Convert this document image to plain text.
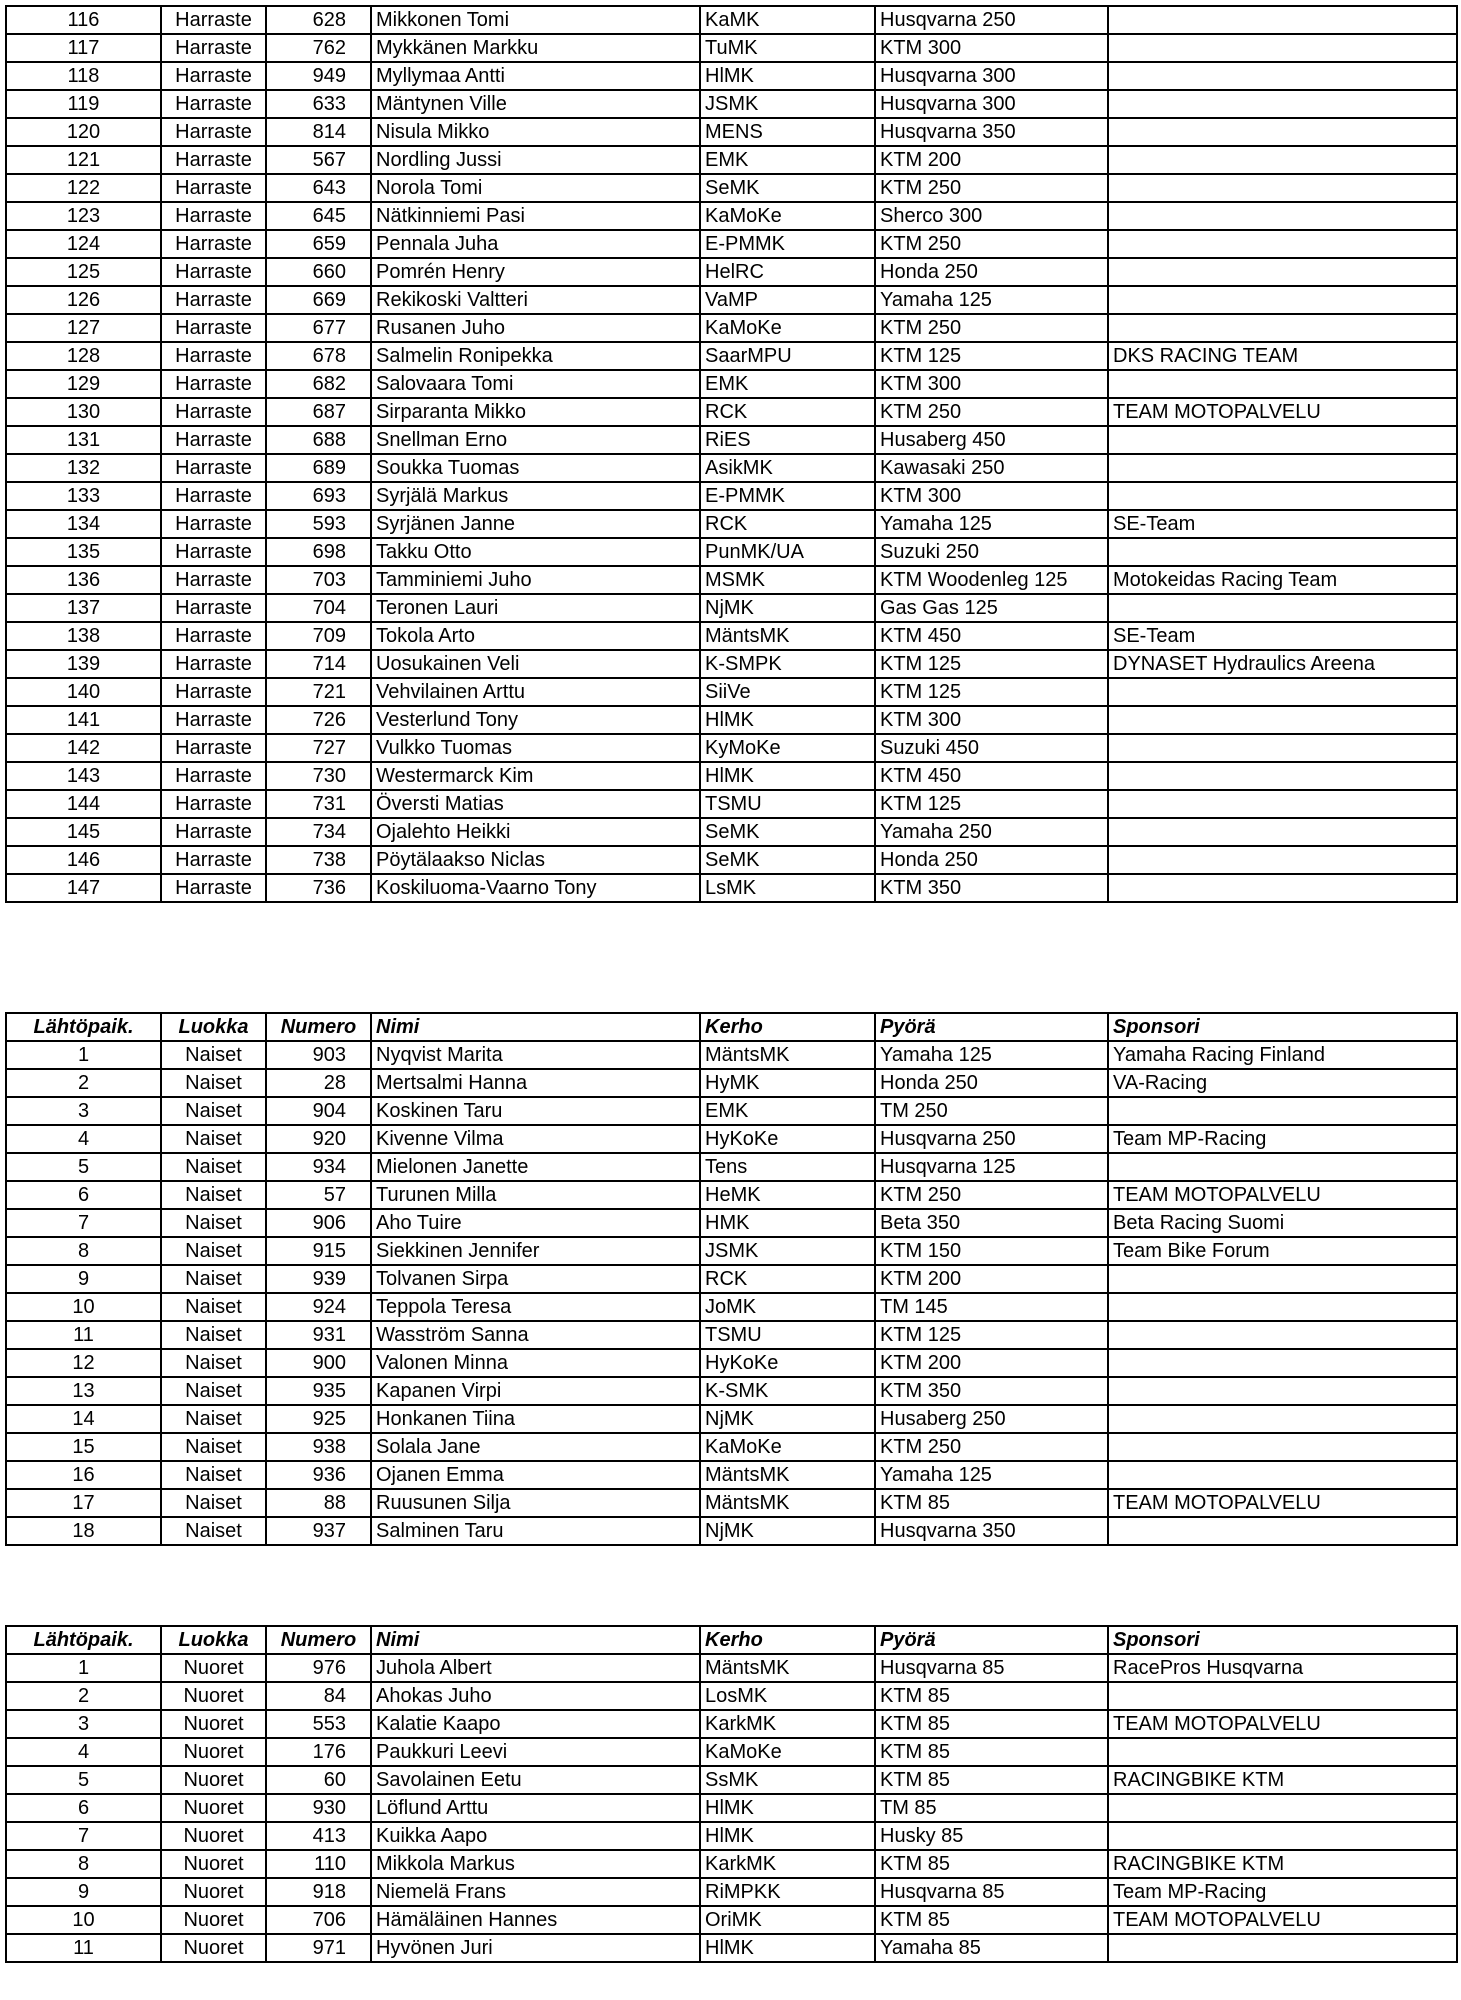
116	Harraste	628	Mikkonen Tomi	KaMK	Husqvarna 250	
117	Harraste	762	Mykkänen Markku	TuMK	KTM 300	
118	Harraste	949	Myllymaa Antti	HlMK	Husqvarna 300	
119	Harraste	633	Mäntynen Ville	JSMK	Husqvarna 300	
120	Harraste	814	Nisula Mikko	MENS	Husqvarna 350	
121	Harraste	567	Nordling Jussi	EMK	KTM 200	
122	Harraste	643	Norola Tomi	SeMK	KTM 250	
123	Harraste	645	Nätkinniemi Pasi	KaMoKe	Sherco 300	
124	Harraste	659	Pennala Juha	E-PMMK	KTM 250	
125	Harraste	660	Pomrén Henry	HelRC	Honda 250	
126	Harraste	669	Rekikoski Valtteri	VaMP	Yamaha 125	
127	Harraste	677	Rusanen Juho	KaMoKe	KTM 250	
128	Harraste	678	Salmelin Ronipekka	SaarMPU	KTM 125	DKS RACING TEAM
129	Harraste	682	Salovaara Tomi	EMK	KTM 300	
130	Harraste	687	Sirparanta Mikko	RCK	KTM 250	TEAM MOTOPALVELU
131	Harraste	688	Snellman Erno	RiES	Husaberg 450	
132	Harraste	689	Soukka Tuomas	AsikMK	Kawasaki 250	
133	Harraste	693	Syrjälä Markus	E-PMMK	KTM 300	
134	Harraste	593	Syrjänen Janne	RCK	Yamaha 125	SE-Team
135	Harraste	698	Takku Otto	PunMK/UA	Suzuki 250	
136	Harraste	703	Tamminiemi Juho	MSMK	KTM Woodenleg 125	Motokeidas Racing Team
137	Harraste	704	Teronen Lauri	NjMK	Gas Gas 125	
138	Harraste	709	Tokola Arto	MäntsMK	KTM 450	SE-Team
139	Harraste	714	Uosukainen Veli	K-SMPK	KTM 125	DYNASET Hydraulics Areena
140	Harraste	721	Vehvilainen Arttu	SiiVe	KTM 125	
141	Harraste	726	Vesterlund Tony	HlMK	KTM 300	
142	Harraste	727	Vulkko Tuomas	KyMoKe	Suzuki 450	
143	Harraste	730	Westermarck Kim	HlMK	KTM 450	
144	Harraste	731	Översti Matias	TSMU	KTM 125	
145	Harraste	734	Ojalehto Heikki	SeMK	Yamaha 250	
146	Harraste	738	Pöytälaakso Niclas	SeMK	Honda 250	
147	Harraste	736	Koskiluoma-Vaarno Tony	LsMK	KTM 350	
Lähtöpaik.	Luokka	Numero	Nimi	Kerho	Pyörä	Sponsori
1	Naiset	903	Nyqvist Marita	MäntsMK	Yamaha 125	Yamaha Racing Finland
2	Naiset	28	Mertsalmi Hanna	HyMK	Honda 250	VA-Racing
3	Naiset	904	Koskinen Taru	EMK	TM 250	
4	Naiset	920	Kivenne Vilma	HyKoKe	Husqvarna 250	Team MP-Racing
5	Naiset	934	Mielonen Janette	Tens	Husqvarna 125	
6	Naiset	57	Turunen Milla	HeMK	KTM 250	TEAM MOTOPALVELU
7	Naiset	906	Aho Tuire	HMK	Beta 350	Beta Racing Suomi
8	Naiset	915	Siekkinen Jennifer	JSMK	KTM 150	Team Bike Forum
9	Naiset	939	Tolvanen Sirpa	RCK	KTM 200	
10	Naiset	924	Teppola Teresa	JoMK	TM 145	
11	Naiset	931	Wasström Sanna	TSMU	KTM 125	
12	Naiset	900	Valonen Minna	HyKoKe	KTM 200	
13	Naiset	935	Kapanen Virpi	K-SMK	KTM 350	
14	Naiset	925	Honkanen Tiina	NjMK	Husaberg 250	
15	Naiset	938	Solala Jane	KaMoKe	KTM 250	
16	Naiset	936	Ojanen Emma	MäntsMK	Yamaha 125	
17	Naiset	88	Ruusunen Silja	MäntsMK	KTM 85	TEAM MOTOPALVELU
18	Naiset	937	Salminen Taru	NjMK	Husqvarna 350	
Lähtöpaik.	Luokka	Numero	Nimi	Kerho	Pyörä	Sponsori
1	Nuoret	976	Juhola Albert	MäntsMK	Husqvarna 85	RacePros Husqvarna
2	Nuoret	84	Ahokas Juho	LosMK	KTM 85	
3	Nuoret	553	Kalatie Kaapo	KarkMK	KTM 85	TEAM MOTOPALVELU
4	Nuoret	176	Paukkuri Leevi	KaMoKe	KTM 85	
5	Nuoret	60	Savolainen Eetu	SsMK	KTM 85	RACINGBIKE KTM
6	Nuoret	930	Löflund Arttu	HlMK	TM 85	
7	Nuoret	413	Kuikka Aapo	HlMK	Husky 85	
8	Nuoret	110	Mikkola Markus	KarkMK	KTM 85	RACINGBIKE KTM
9	Nuoret	918	Niemelä Frans	RiMPKK	Husqvarna 85	Team MP-Racing
10	Nuoret	706	Hämäläinen Hannes	OriMK	KTM 85	TEAM MOTOPALVELU
11	Nuoret	971	Hyvönen Juri	HlMK	Yamaha 85	
